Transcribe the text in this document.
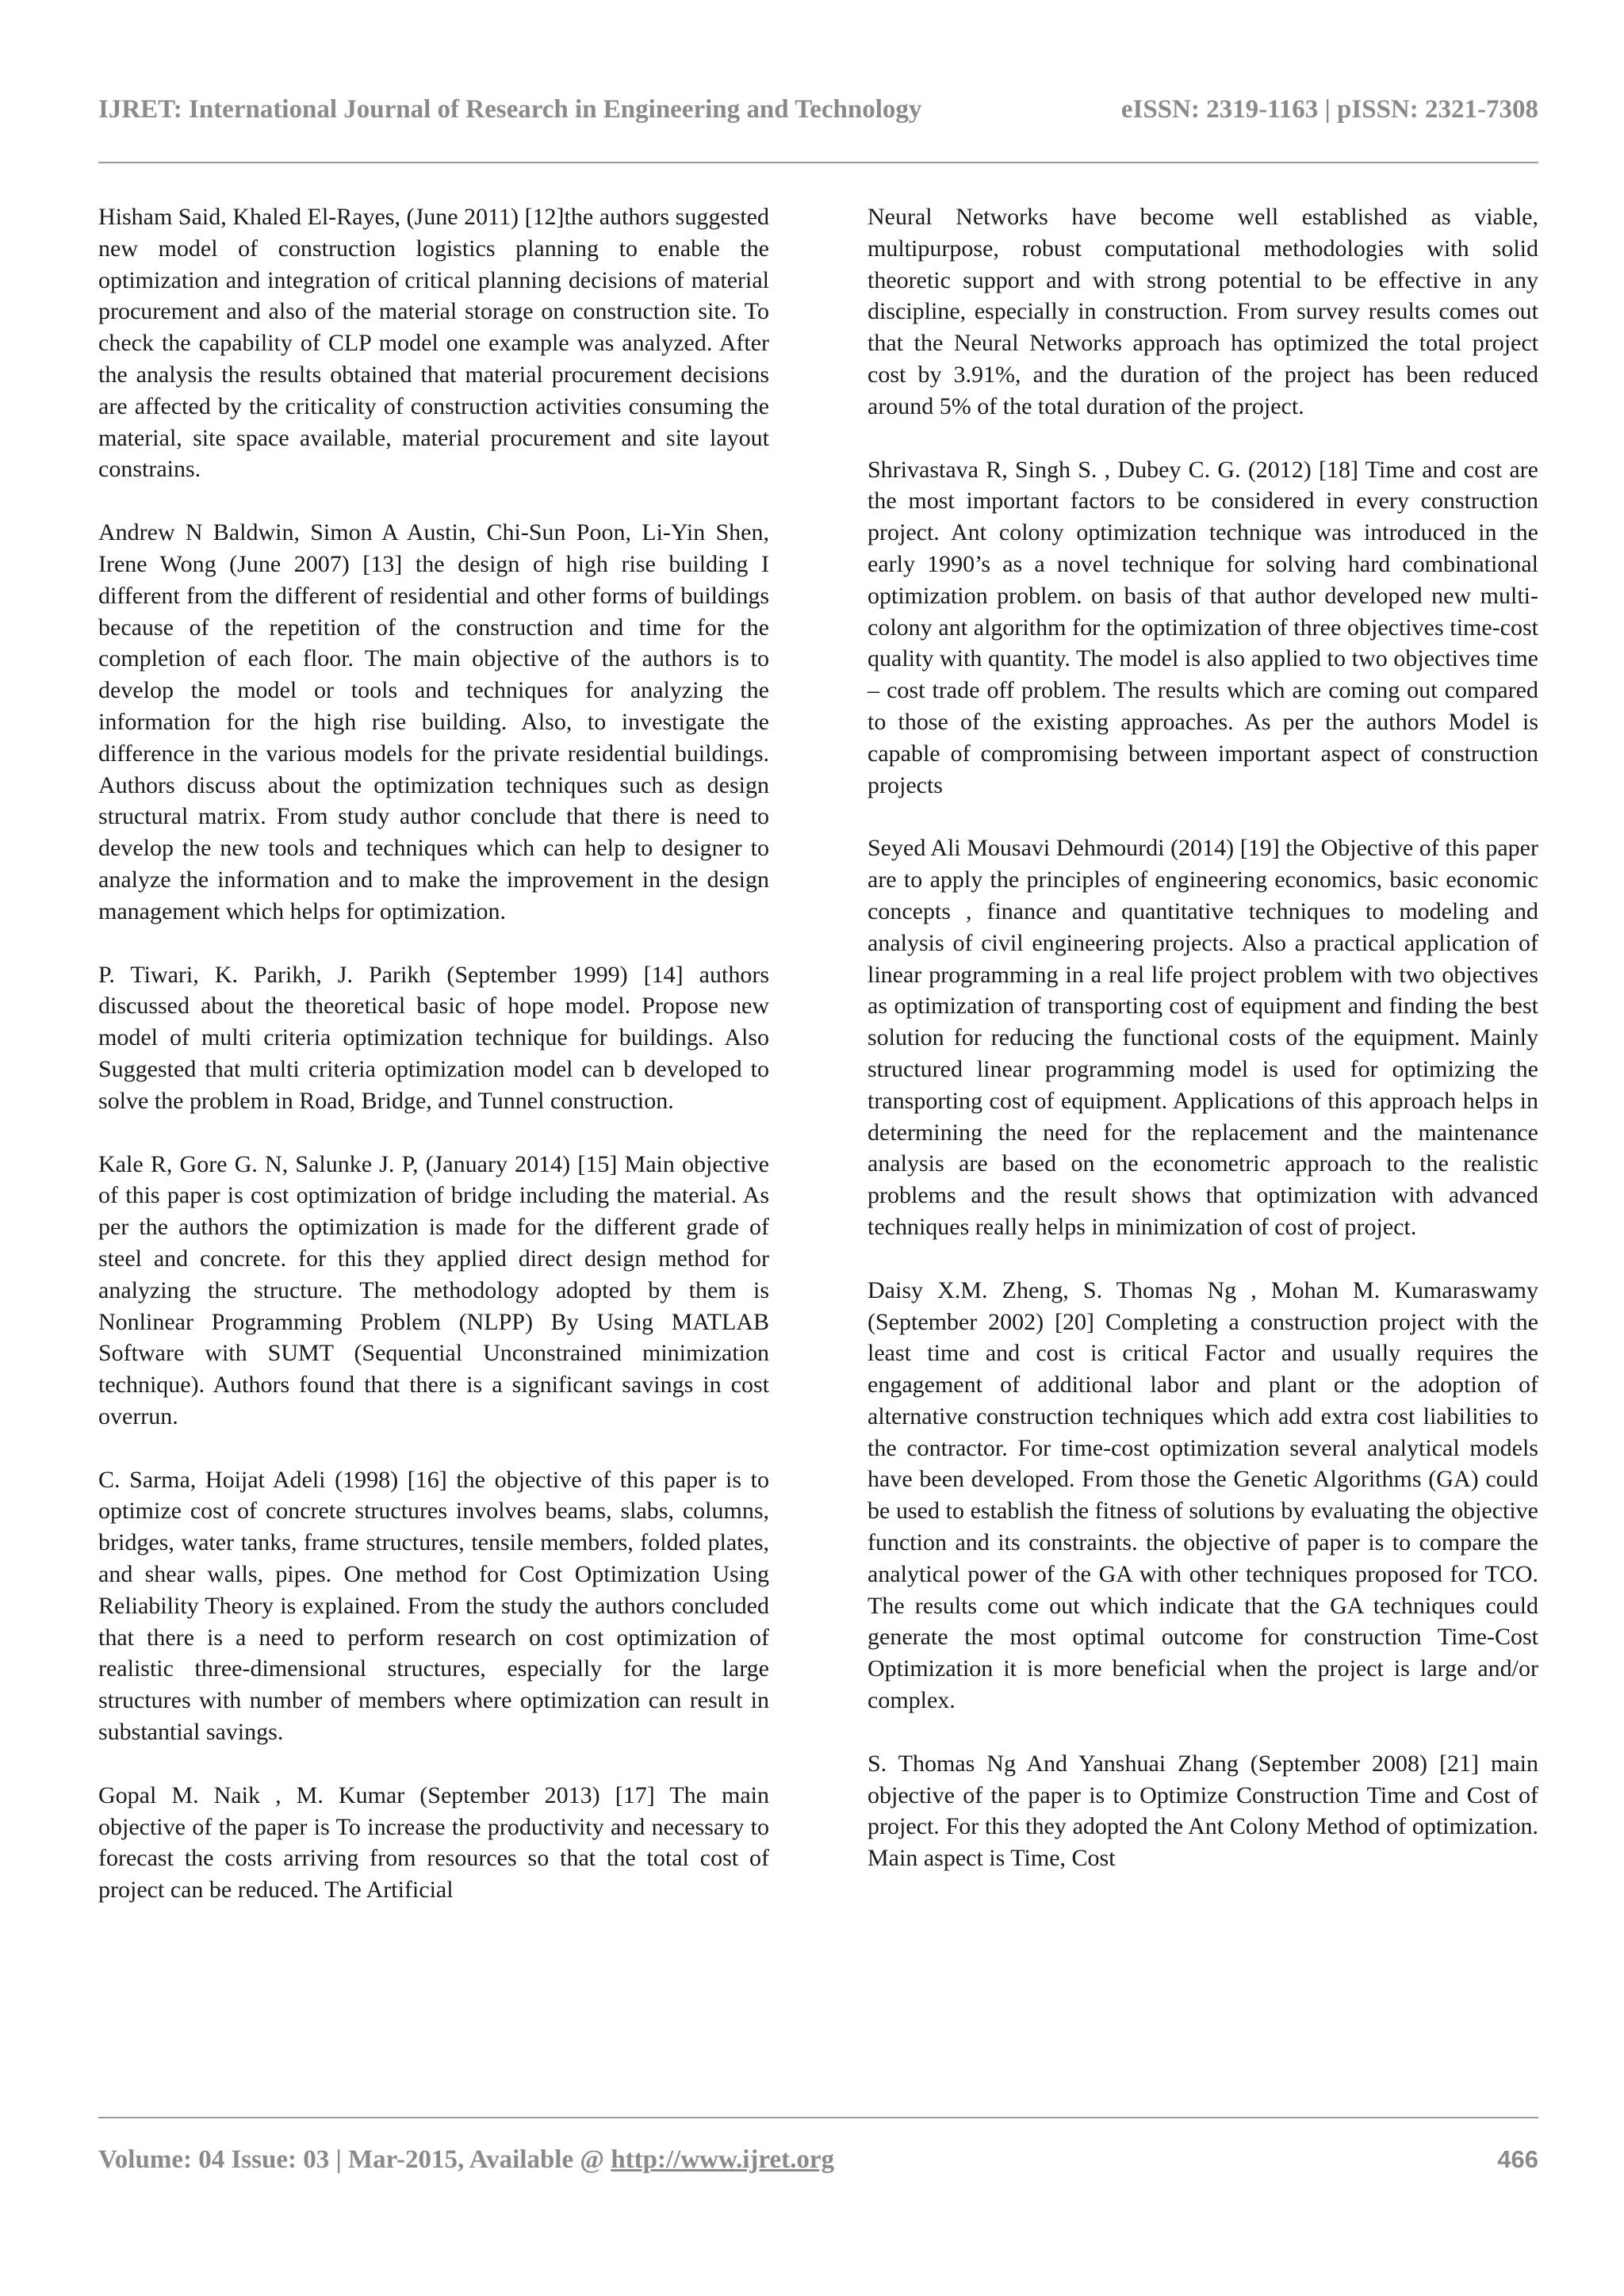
IJRET: International Journal of Research in Engineering and Technology	eISSN: 2319-1163 | pISSN: 2321-7308

Hisham Said, Khaled El-Rayes, (June 2011) [12]the authors suggested new model of construction logistics planning to enable the optimization and integration of critical planning decisions of material procurement and also of the material storage on construction site. To check the capability of CLP model one example was analyzed. After the analysis the results obtained that material procurement decisions are affected by the criticality of construction activities consuming the material, site space available, material procurement and site layout constrains.

Andrew N Baldwin, Simon A Austin, Chi-Sun Poon, Li-Yin Shen, Irene Wong (June 2007) [13] the design of high rise building I different from the different of residential and other forms of buildings because of the repetition of the construction and time for the completion of each floor. The main objective of the authors is to develop the model or tools and techniques for analyzing the information for the high rise building. Also, to investigate the difference in the various models for the private residential buildings. Authors discuss about the optimization techniques such as design structural matrix. From study author conclude that there is need to develop the new tools and techniques which can help to designer to analyze the information and to make the improvement in the design management which helps for optimization.

P. Tiwari, K. Parikh, J. Parikh (September 1999) [14] authors discussed about the theoretical basic of hope model. Propose new model of multi criteria optimization technique for buildings. Also Suggested that multi criteria optimization model can b developed to solve the problem in Road, Bridge, and Tunnel construction.

Kale R, Gore G. N, Salunke J. P, (January 2014) [15] Main objective of this paper is cost optimization of bridge including the material. As per the authors the optimization is made for the different grade of steel and concrete. for this they applied direct design method for analyzing the structure. The methodology adopted by them is Nonlinear Programming Problem (NLPP) By Using MATLAB Software with SUMT (Sequential Unconstrained minimization technique). Authors found that there is a significant savings in cost overrun.

C. Sarma, Hoijat Adeli (1998) [16] the objective of this paper is to optimize cost of concrete structures involves beams, slabs, columns, bridges, water tanks, frame structures, tensile members, folded plates, and shear walls, pipes. One method for Cost Optimization Using Reliability Theory is explained. From the study the authors concluded that there is a need to perform research on cost optimization of realistic three-dimensional structures, especially for the large structures with number of members where optimization can result in substantial savings.

Gopal M. Naik , M. Kumar (September 2013) [17] The main objective of the paper is To increase the productivity and necessary to forecast the costs arriving from resources so that the total cost of project can be reduced. The Artificial

Neural Networks have become well established as viable, multipurpose, robust computational methodologies with solid theoretic support and with strong potential to be effective in any discipline, especially in construction. From survey results comes out that the Neural Networks approach has optimized the total project cost by 3.91%, and the duration of the project has been reduced around 5% of the total duration of the project.

Shrivastava R, Singh S. , Dubey C. G. (2012) [18] Time and cost are the most important factors to be considered in every construction project. Ant colony optimization technique was introduced in the early 1990’s as a novel technique for solving hard combinational optimization problem. on basis of that author developed new multi-colony ant algorithm for the optimization of three objectives time-cost quality with quantity. The model is also applied to two objectives time – cost trade off problem. The results which are coming out compared to those of the existing approaches. As per the authors Model is capable of compromising between important aspect of construction projects

Seyed Ali Mousavi Dehmourdi (2014) [19] the Objective of this paper are to apply the principles of engineering economics, basic economic concepts , finance and quantitative techniques to modeling and analysis of civil engineering projects. Also a practical application of linear programming in a real life project problem with two objectives as optimization of transporting cost of equipment and finding the best solution for reducing the functional costs of the equipment. Mainly structured linear programming model is used for optimizing the transporting cost of equipment. Applications of this approach helps in determining the need for the replacement and the maintenance analysis are based on the econometric approach to the realistic problems and the result shows that optimization with advanced techniques really helps in minimization of cost of project.

Daisy X.M. Zheng, S. Thomas Ng , Mohan M. Kumaraswamy (September 2002) [20] Completing a construction project with the least time and cost is critical Factor and usually requires the engagement of additional labor and plant or the adoption of alternative construction techniques which add extra cost liabilities to the contractor. For time-cost optimization several analytical models have been developed. From those the Genetic Algorithms (GA) could be used to establish the fitness of solutions by evaluating the objective function and its constraints. the objective of paper is to compare the analytical power of the GA with other techniques proposed for TCO. The results come out which indicate that the GA techniques could generate the most optimal outcome for construction Time-Cost Optimization it is more beneficial when the project is large and/or complex.

S. Thomas Ng And Yanshuai Zhang (September 2008) [21] main objective of the paper is to Optimize Construction Time and Cost of project. For this they adopted the Ant Colony Method of optimization. Main aspect is Time, Cost

Volume: 04 Issue: 03 | Mar-2015, Available @ http://www.ijret.org	466
